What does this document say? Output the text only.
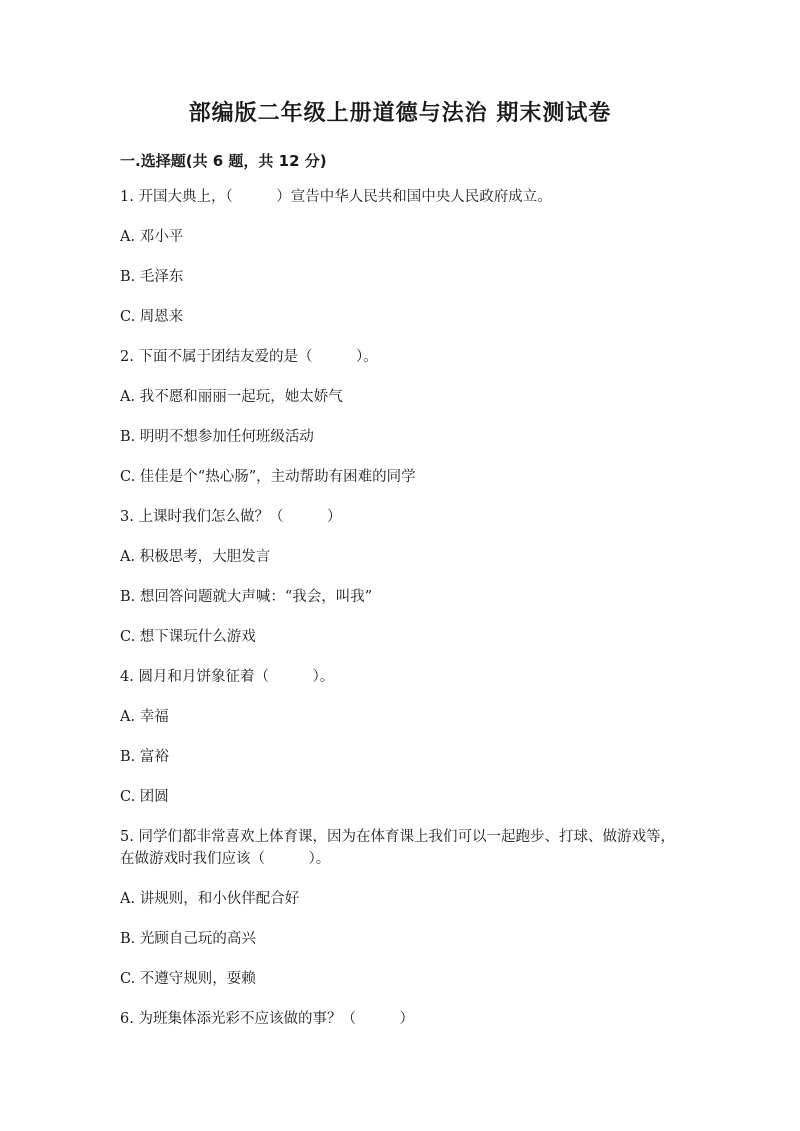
部编版二年级上册道德与法治 期末测试卷
一.选择题(共 6 题，共 12 分)

1. 开国大典上，（　　　）宣告中华人民共和国中央人民政府成立。

A. 邓小平

B. 毛泽东

C. 周恩来

2. 下面不属于团结友爱的是（　　　）。

A. 我不愿和丽丽一起玩，她太娇气

B. 明明不想参加任何班级活动

C. 佳佳是个“热心肠”，主动帮助有困难的同学

3. 上课时我们怎么做？（　　　）

A. 积极思考，大胆发言

B. 想回答问题就大声喊：“我会，叫我”

C. 想下课玩什么游戏

4. 圆月和月饼象征着（　　　）。

A. 幸福

B. 富裕

C. 团圆

5. 同学们都非常喜欢上体育课，因为在体育课上我们可以一起跑步、打球、做游戏等，在做游戏时我们应该（　　　）。

A. 讲规则，和小伙伴配合好

B. 光顾自己玩的高兴

C. 不遵守规则，耍赖

6. 为班集体添光彩不应该做的事？（　　　）
